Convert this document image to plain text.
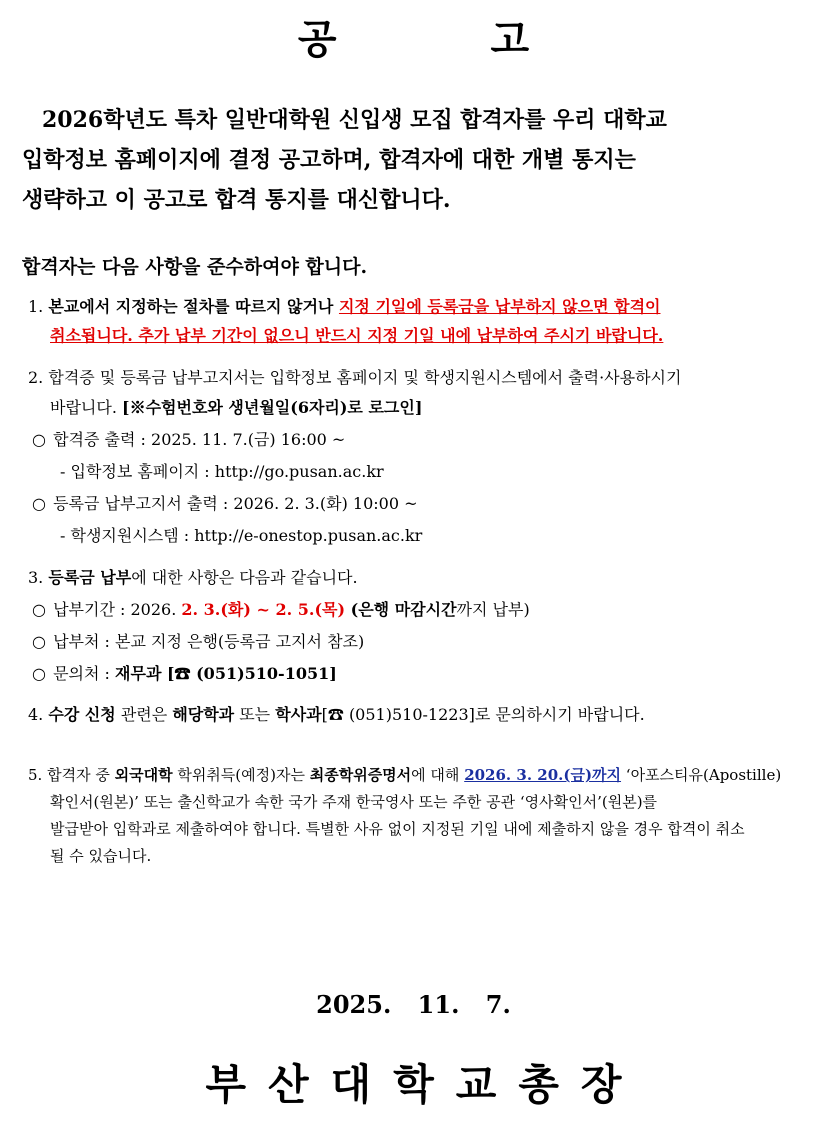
공 고
2026학년도 특차 일반대학원 신입생 모집 합격자를 우리 대학교
입학정보 홈페이지에 결정 공고하며, 합격자에 대한 개별 통지는
생략하고 이 공고로 합격 통지를 대신합니다.
합격자는 다음 사항을 준수하여야 합니다.
1. 본교에서 지정하는 절차를 따르지 않거나 지정 기일에 등록금을 납부하지 않으면 합격이
취소됩니다. 추가 납부 기간이 없으니 반드시 지정 기일 내에 납부하여 주시기 바랍니다.
2. 합격증 및 등록금 납부고지서는 입학정보 홈페이지 및 학생지원시스템에서 출력·사용하시기
바랍니다. [※수험번호와 생년월일(6자리)로 로그인]
○ 합격증 출력 : 2025. 11. 7.(금) 16:00 ~
- 입학정보 홈페이지 : http://go.pusan.ac.kr
○ 등록금 납부고지서 출력 : 2026. 2. 3.(화) 10:00 ~
- 학생지원시스템 : http://e-onestop.pusan.ac.kr
3. 등록금 납부에 대한 사항은 다음과 같습니다.
○ 납부기간 : 2026. 2. 3.(화) ~ 2. 5.(목) (은행 마감시간까지 납부)
○ 납부처 : 본교 지정 은행(등록금 고지서 참조)
○ 문의처 : 재무과 [☎ (051)510-1051]
4. 수강 신청 관련은 해당학과 또는 학사과[☎ (051)510-1223]로 문의하시기 바랍니다.
5. 합격자 중 외국대학 학위취득(예정)자는 최종학위증명서에 대해 2026. 3. 20.(금)까지 ‘아포스티유(Apostille)
확인서(원본)’ 또는 출신학교가 속한 국가 주재 한국영사 또는 주한 공관 ‘영사확인서’(원본)를
발급받아 입학과로 제출하여야 합니다. 특별한 사유 없이 지정된 기일 내에 제출하지 않을 경우 합격이 취소
될 수 있습니다.
2025. 11. 7.
부산대학교총장
